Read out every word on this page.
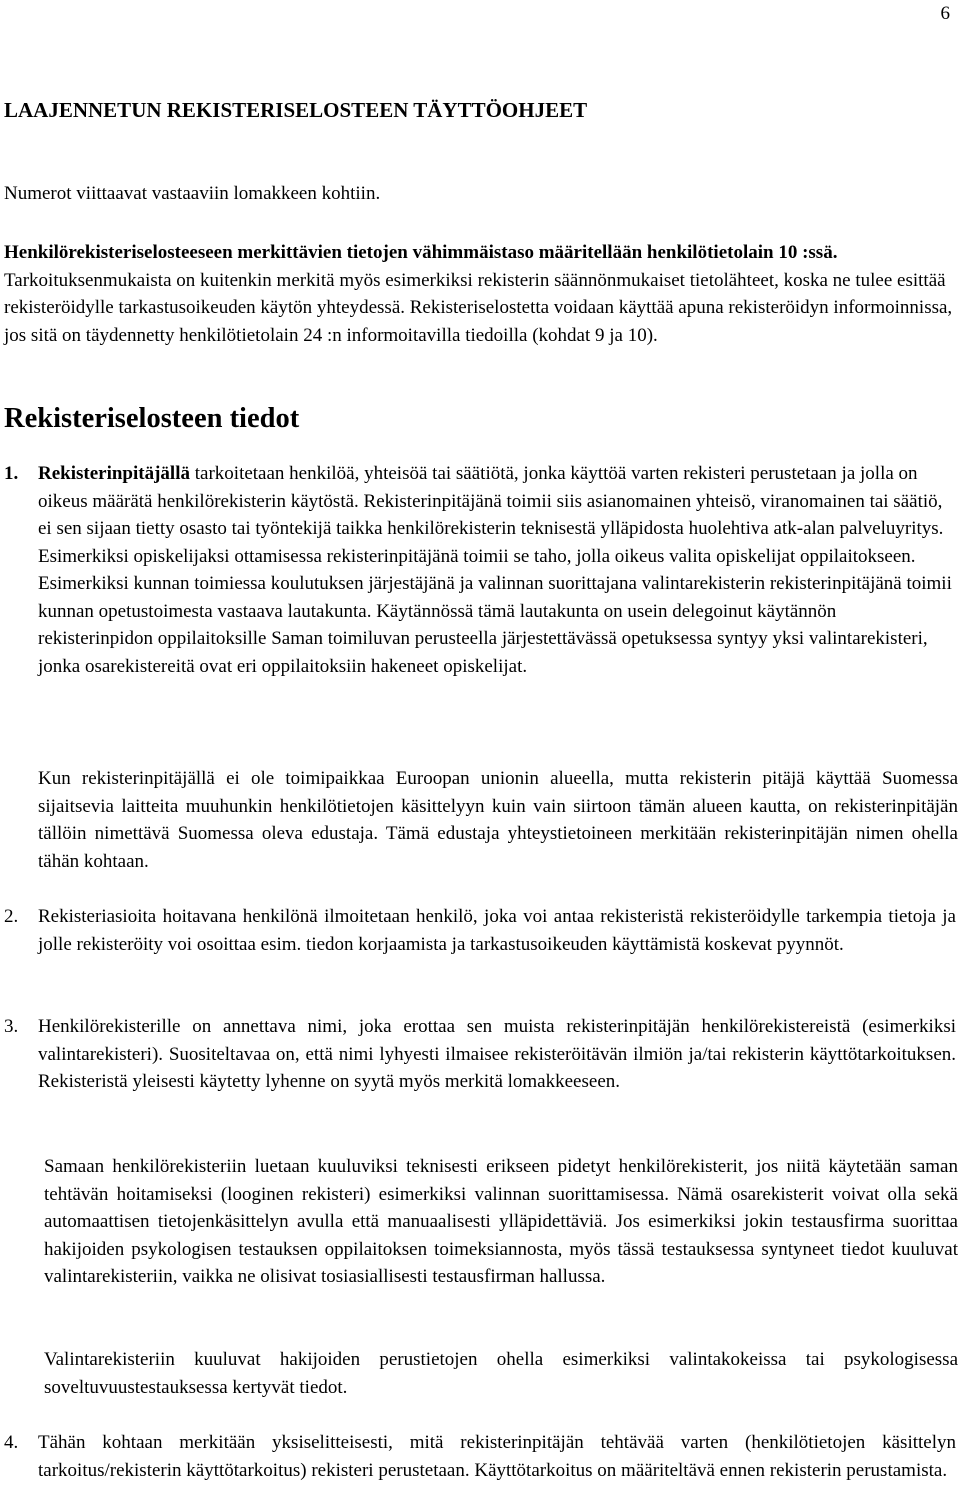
6
LAAJENNETUN REKISTERISELOSTEEN TÄYTTÖOHJEET

Numerot viittaavat vastaaviin lomakkeen kohtiin.

Henkilörekisteriselosteeseen merkittävien tietojen vähimmäistaso määritellään henkilötietolain 10 :ssä. Tarkoituksenmukaista on kuitenkin merkitä myös esimerkiksi rekisterin säännönmukaiset tietolähteet, koska ne tulee esittää rekisteröidylle tarkastusoikeuden käytön yhteydessä. Rekisteriselostetta voidaan käyttää apuna rekisteröidyn informoinnissa, jos sitä on täydennetty henkilötietolain 24 :n informoitavilla tiedoilla (kohdat 9 ja 10).

Rekisteriselosteen tiedot
1.	Rekisterinpitäjällä tarkoitetaan henkilöä, yhteisöä tai säätiötä, jonka käyttöä varten rekisteri perustetaan ja jolla on oikeus määrätä henkilörekisterin käytöstä. Rekisterinpitäjänä toimii siis asianomainen yhteisö, viranomainen tai säätiö, ei sen sijaan tietty osasto tai työntekijä taikka henkilörekisterin teknisestä ylläpidosta huolehtiva atk-alan palveluyritys. Esimerkiksi opiskelijaksi ottamisessa rekisterinpitäjänä toimii se taho, jolla oikeus valita opiskelijat oppilaitokseen. Esimerkiksi kunnan toimiessa koulutuksen järjestäjänä ja valinnan suorittajana valintarekisterin rekisterinpitäjänä toimii kunnan opetustoimesta vastaava lautakunta. Käytännössä tämä lautakunta on usein delegoinut käytännön rekisterinpidon oppilaitoksille Saman toimiluvan perusteella järjestettävässä opetuksessa syntyy yksi valintarekisteri, jonka osarekistereitä ovat eri oppilaitoksiin hakeneet opiskelijat.

Kun rekisterinpitäjällä ei ole toimipaikkaa Euroopan unionin alueella, mutta rekisterin pitäjä käyttää Suomessa sijaitsevia laitteita muuhunkin henkilötietojen käsittelyyn kuin vain siirtoon tämän alueen kautta, on rekisterinpitäjän tällöin nimettävä Suomessa oleva edustaja. Tämä edustaja yhteystietoineen merkitään rekisterinpitäjän nimen ohella tähän kohtaan.

2.	Rekisteriasioita hoitavana henkilönä ilmoitetaan henkilö, joka voi antaa rekisteristä rekisteröidylle tarkempia tietoja ja jolle rekisteröity voi osoittaa esim. tiedon korjaamista ja tarkastusoikeuden käyttämistä koskevat pyynnöt.

3.	Henkilörekisterille on annettava nimi, joka erottaa sen muista rekisterinpitäjän henkilörekistereistä (esimerkiksi valintarekisteri). Suositeltavaa on, että nimi lyhyesti ilmaisee rekisteröitävän ilmiön ja/tai rekisterin käyttötarkoituksen. Rekisteristä yleisesti käytetty lyhenne on syytä myös merkitä lomakkeeseen.

Samaan henkilörekisteriin luetaan kuuluviksi teknisesti erikseen pidetyt henkilörekisterit, jos niitä käytetään saman tehtävän hoitamiseksi (looginen rekisteri) esimerkiksi valinnan suorittamisessa. Nämä osarekisterit voivat olla sekä automaattisen tietojenkäsittelyn avulla että manuaalisesti ylläpidettäviä. Jos esimerkiksi jokin testausfirma suorittaa hakijoiden psykologisen testauksen oppilaitoksen toimeksiannosta, myös tässä testauksessa syntyneet tiedot kuuluvat valintarekisteriin, vaikka ne olisivat tosiasiallisesti testausfirman hallussa.

Valintarekisteriin kuuluvat hakijoiden perustietojen ohella esimerkiksi valintakokeissa tai psykologisessa soveltuvuustestauksessa kertyvät tiedot.

4.	Tähän kohtaan merkitään yksiselitteisesti, mitä rekisterinpitäjän tehtävää varten (henkilötietojen käsittelyn tarkoitus/rekisterin käyttötarkoitus) rekisteri perustetaan. Käyttötarkoitus on määriteltävä ennen rekisterin perustamista.
